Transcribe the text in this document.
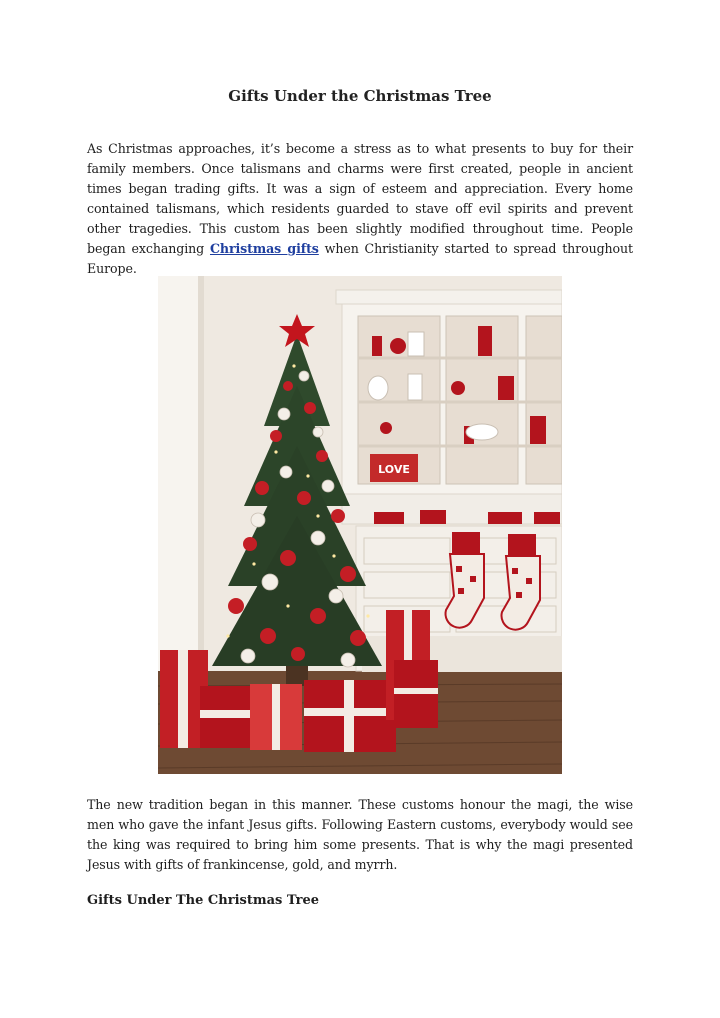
Gifts Under the Christmas Tree

As Christmas approaches, it’s become a stress as to what presents to buy for their family members. Once talismans and charms were first created, people in ancient times began trading gifts. It was a sign of esteem and appreciation. Every home contained talismans, which residents guarded to stave off evil spirits and prevent other tragedies. This custom has been slightly modified throughout time. People began exchanging Christmas gifts when Christianity started to spread throughout Europe.

LOVE

The new tradition began in this manner. These customs honour the magi, the wise men who gave the infant Jesus gifts. Following Eastern customs, everybody would see the king was required to bring him some presents. That is why the magi presented Jesus with gifts of frankincense, gold, and myrrh.

Gifts Under The Christmas Tree
